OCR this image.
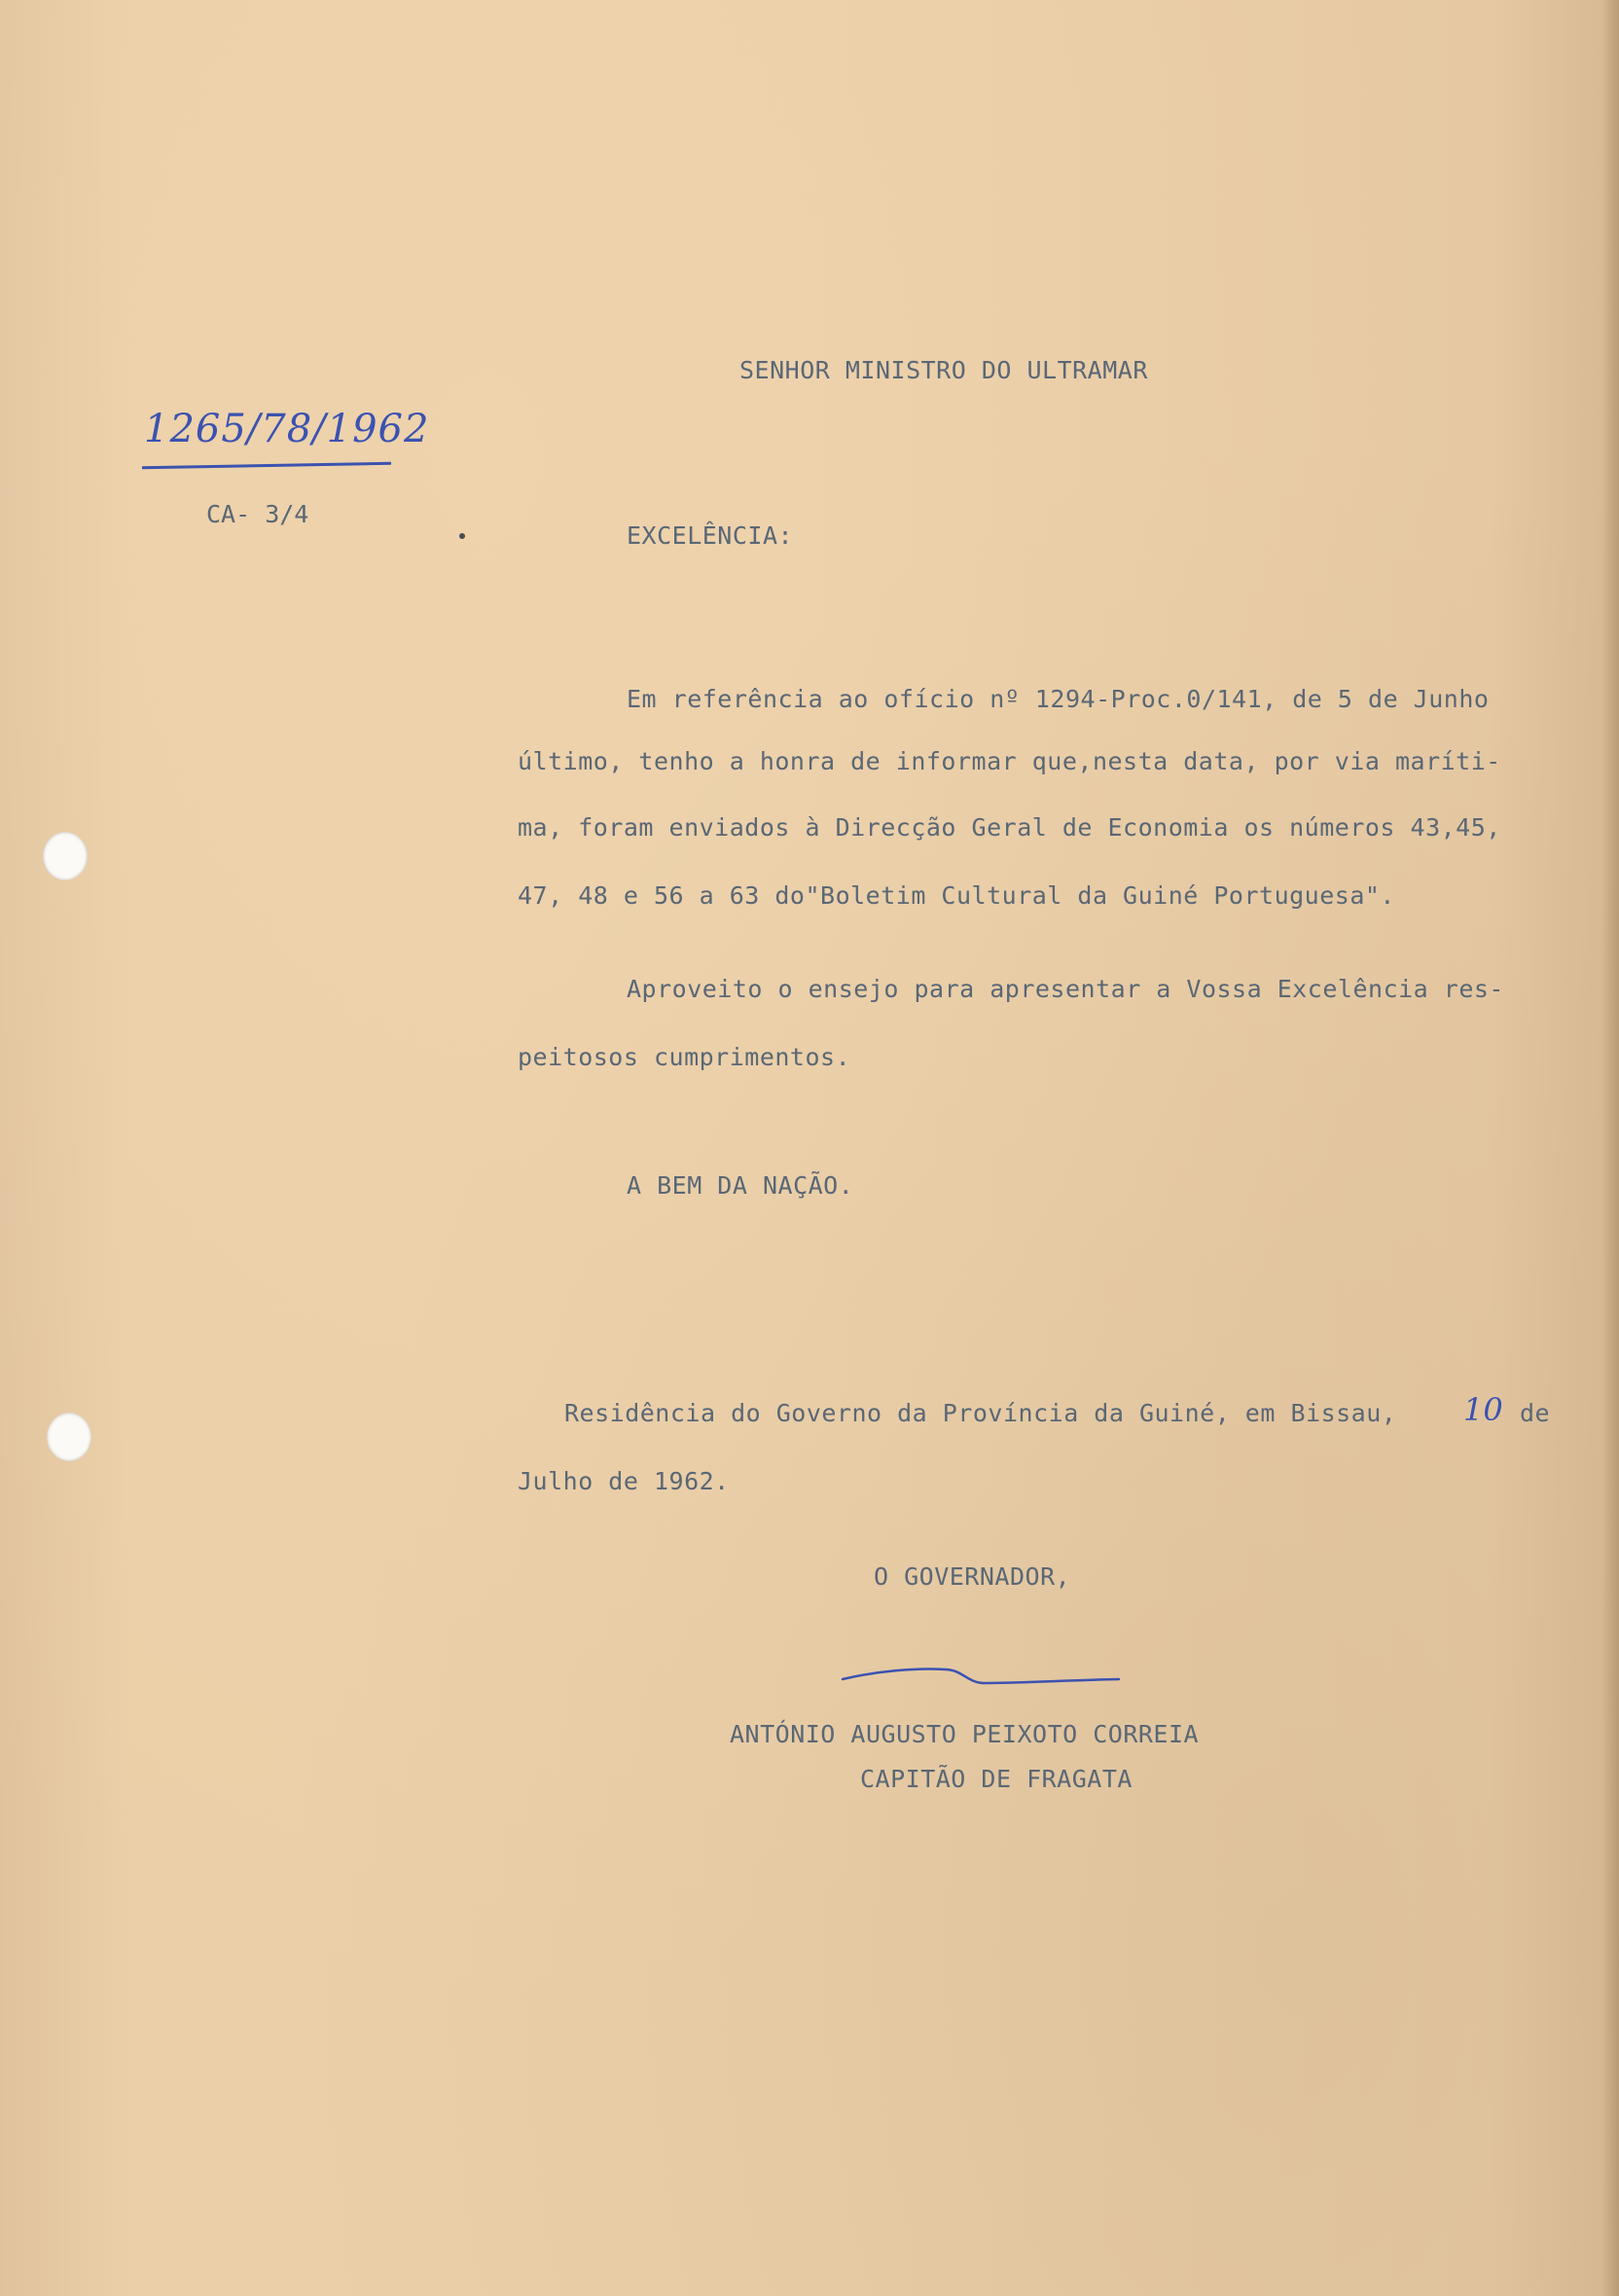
SENHOR MINISTRO DO ULTRAMAR
1265/78/1962
CA- 3/4
EXCELÊNCIA:
Em referência ao ofício nº 1294-Proc.0/141, de 5 de Junho
último, tenho a honra de informar que,nesta data, por via maríti-
ma, foram enviados à Direcção Geral de Economia os números 43,45,
47, 48 e 56 a 63 do"Boletim Cultural da Guiné Portuguesa".
Aproveito o ensejo para apresentar a Vossa Excelência res-
peitosos cumprimentos.
A BEM DA NAÇÃO.
Residência do Governo da Província da Guiné, em Bissau, 10 de
Julho de 1962.
O GOVERNADOR,
ANTÓNIO AUGUSTO PEIXOTO CORREIA
CAPITÃO DE FRAGATA
